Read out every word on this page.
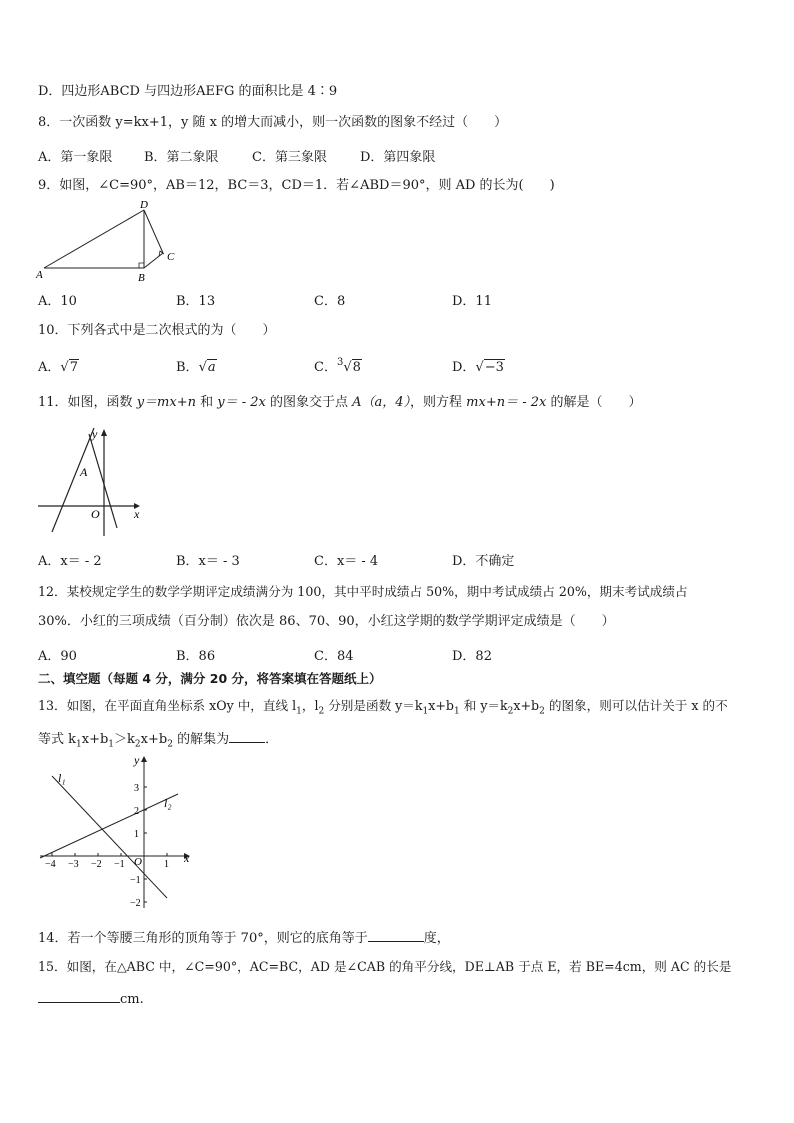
D．四边形ABCD 与四边形AEFG 的面积比是 4∶9
8．一次函数 y=kx+1，y 随 x 的增大而减小，则一次函数的图象不经过（　　）
A．第一象限 B．第二象限	C．第三象限	D．第四象限
9．如图，∠C=90°，AB＝12，BC＝3，CD＝1．若∠ABD＝90°，则 AD 的长为(　　)
A	B
C
D
A．10	B．13	C．8	D．11
10．下列各式中是二次根式的为（　　）
A．√7	B．√a	C．$^3$√8	D．√−3
11．如图，函数 y＝mx+n 和 y＝ - 2x 的图象交于点 A（a，4），则方程 mx+n＝ - 2x 的解是（　　）
y
x
A
O
A．x＝ - 2	B．x＝ - 3	C．x＝ - 4	D．不确定
12．某校规定学生的数学学期评定成绩满分为 100，其中平时成绩占 50%，期中考试成绩占 20%，期末考试成绩占
30%．小红的三项成绩（百分制）依次是 86、70、90，小红这学期的数学学期评定成绩是（　　）
A．90	B．86	C．84	D．82
二、填空题（每题 4 分，满分 20 分，将答案填在答题纸上）
13．如图，在平面直角坐标系 xOy 中，直线 $l_1$，$l_2$ 分别是函数 $y=k_1x+b_1$ 和 $y=k_2x+b_2$ 的图象，则可以估计关于 x 的不
等式 $k_1x+b_1>k_2x+b_2$ 的解集为	．
y
x
O
l₁
l₂
−4 −3 −2 −1	1
3
2
1
−1
−2
14．若一个等腰三角形的顶角等于 70°，则它的底角等于	度，
15．如图，在△ABC 中，∠C=90°，AC=BC，AD 是∠CAB 的角平分线，DE⊥AB 于点 E，若 BE=4cm，则 AC 的长是
cm.
